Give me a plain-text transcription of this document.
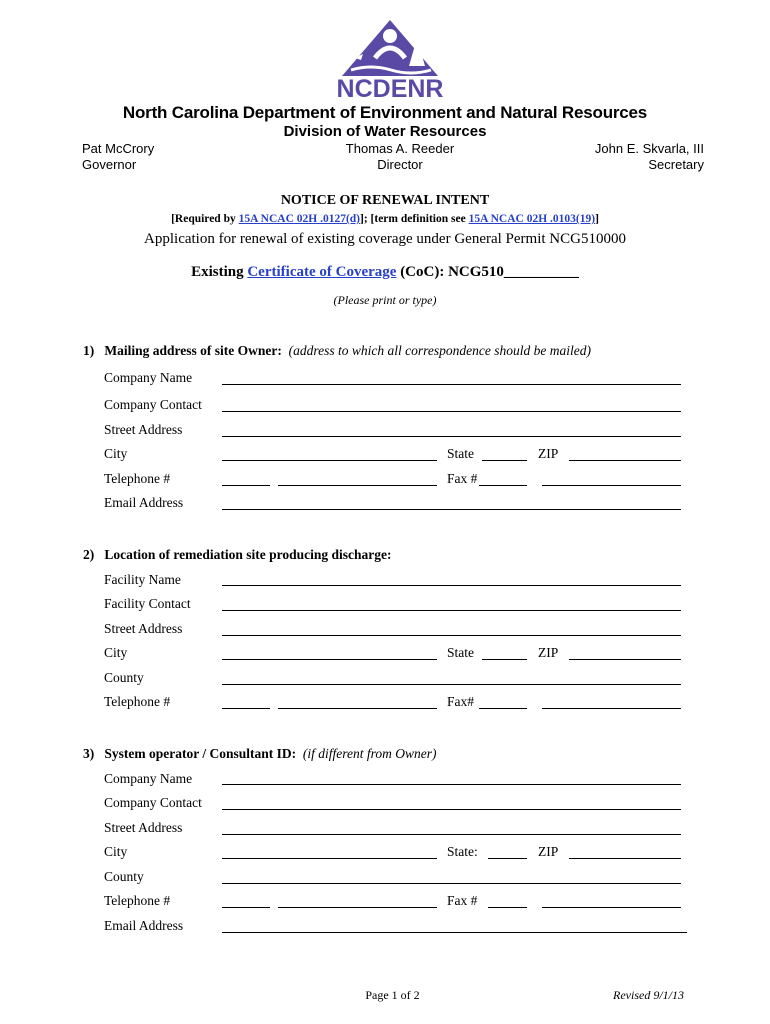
NCDENR
North Carolina Department of Environment and Natural Resources
Division of Water Resources
Pat McCrory
Governor
Thomas A. Reeder
Director
John E. Skvarla, III
Secretary
NOTICE OF RENEWAL INTENT
[Required by 15A NCAC 02H .0127(d)]; [term definition see 15A NCAC 02H .0103(19)]
Application for renewal of existing coverage under General Permit NCG510000
Existing Certificate of Coverage (CoC): NCG510__________
(Please print or type)
1) Mailing address of site Owner: (address to which all correspondence should be mailed)
Company Name
Company Contact
Street Address
City	State	ZIP
Telephone #	Fax #
Email Address
2) Location of remediation site producing discharge:
Facility Name
Facility Contact
Street Address
City	State	ZIP
County
Telephone #	Fax#
3) System operator / Consultant ID: (if different from Owner)
Company Name
Company Contact
Street Address
City	State:	ZIP
County
Telephone #	Fax #
Email Address
Page 1 of 2	Revised 9/1/13
